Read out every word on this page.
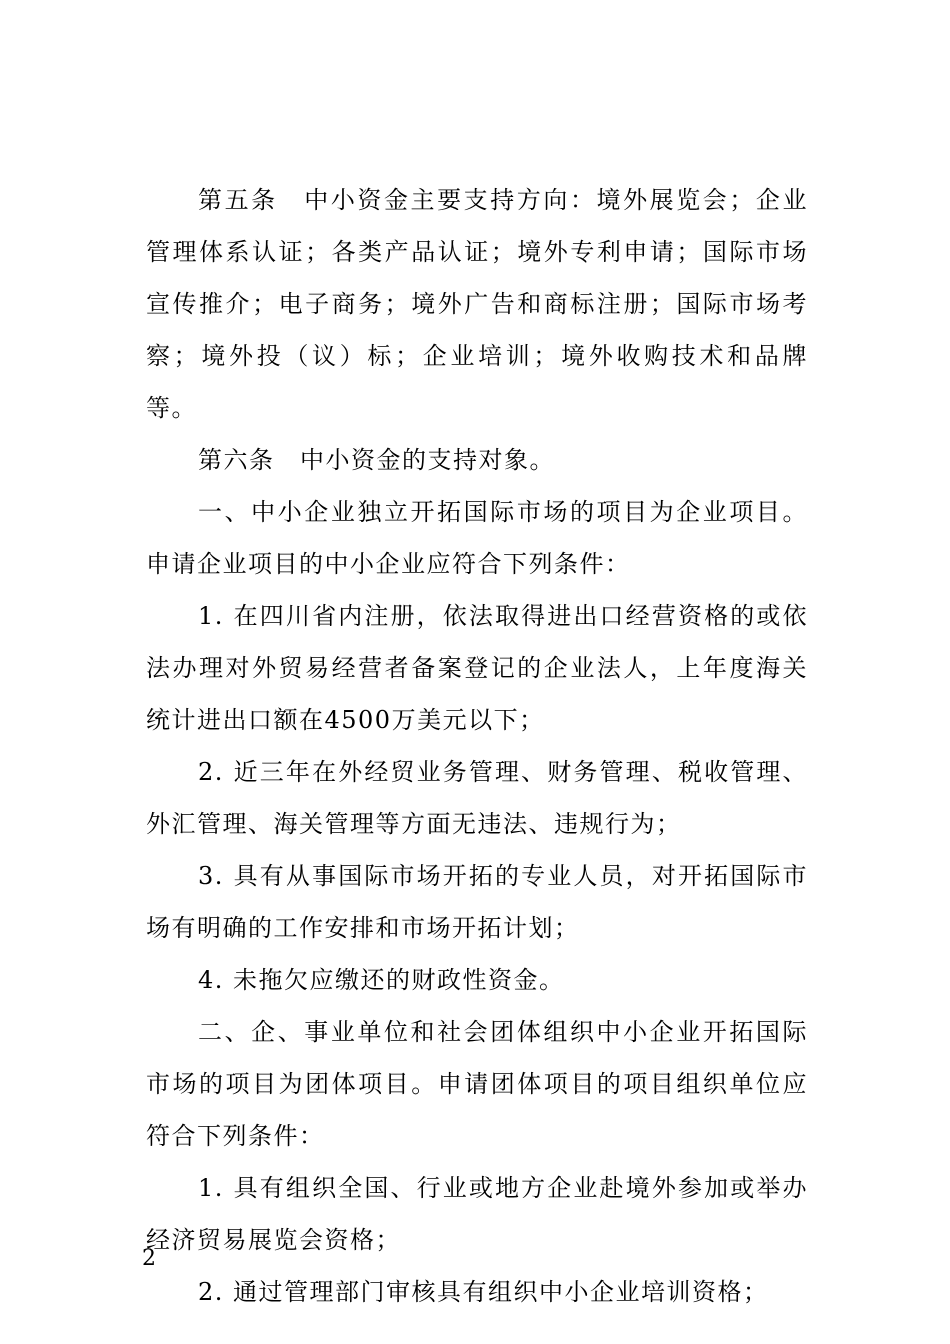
第五条　中小资金主要支持方向：境外展览会；企业管理体系认证；各类产品认证；境外专利申请；国际市场宣传推介；电子商务；境外广告和商标注册；国际市场考察；境外投（议）标；企业培训；境外收购技术和品牌等。

第六条　中小资金的支持对象。

一、中小企业独立开拓国际市场的项目为企业项目。申请企业项目的中小企业应符合下列条件：

1. 在四川省内注册，依法取得进出口经营资格的或依法办理对外贸易经营者备案登记的企业法人，上年度海关统计进出口额在4500万美元以下；

2. 近三年在外经贸业务管理、财务管理、税收管理、外汇管理、海关管理等方面无违法、违规行为；

3. 具有从事国际市场开拓的专业人员，对开拓国际市场有明确的工作安排和市场开拓计划；

4. 未拖欠应缴还的财政性资金。

二、企、事业单位和社会团体组织中小企业开拓国际市场的项目为团体项目。申请团体项目的项目组织单位应符合下列条件：

1. 具有组织全国、行业或地方企业赴境外参加或举办经济贸易展览会资格；

2. 通过管理部门审核具有组织中小企业培训资格；

2
